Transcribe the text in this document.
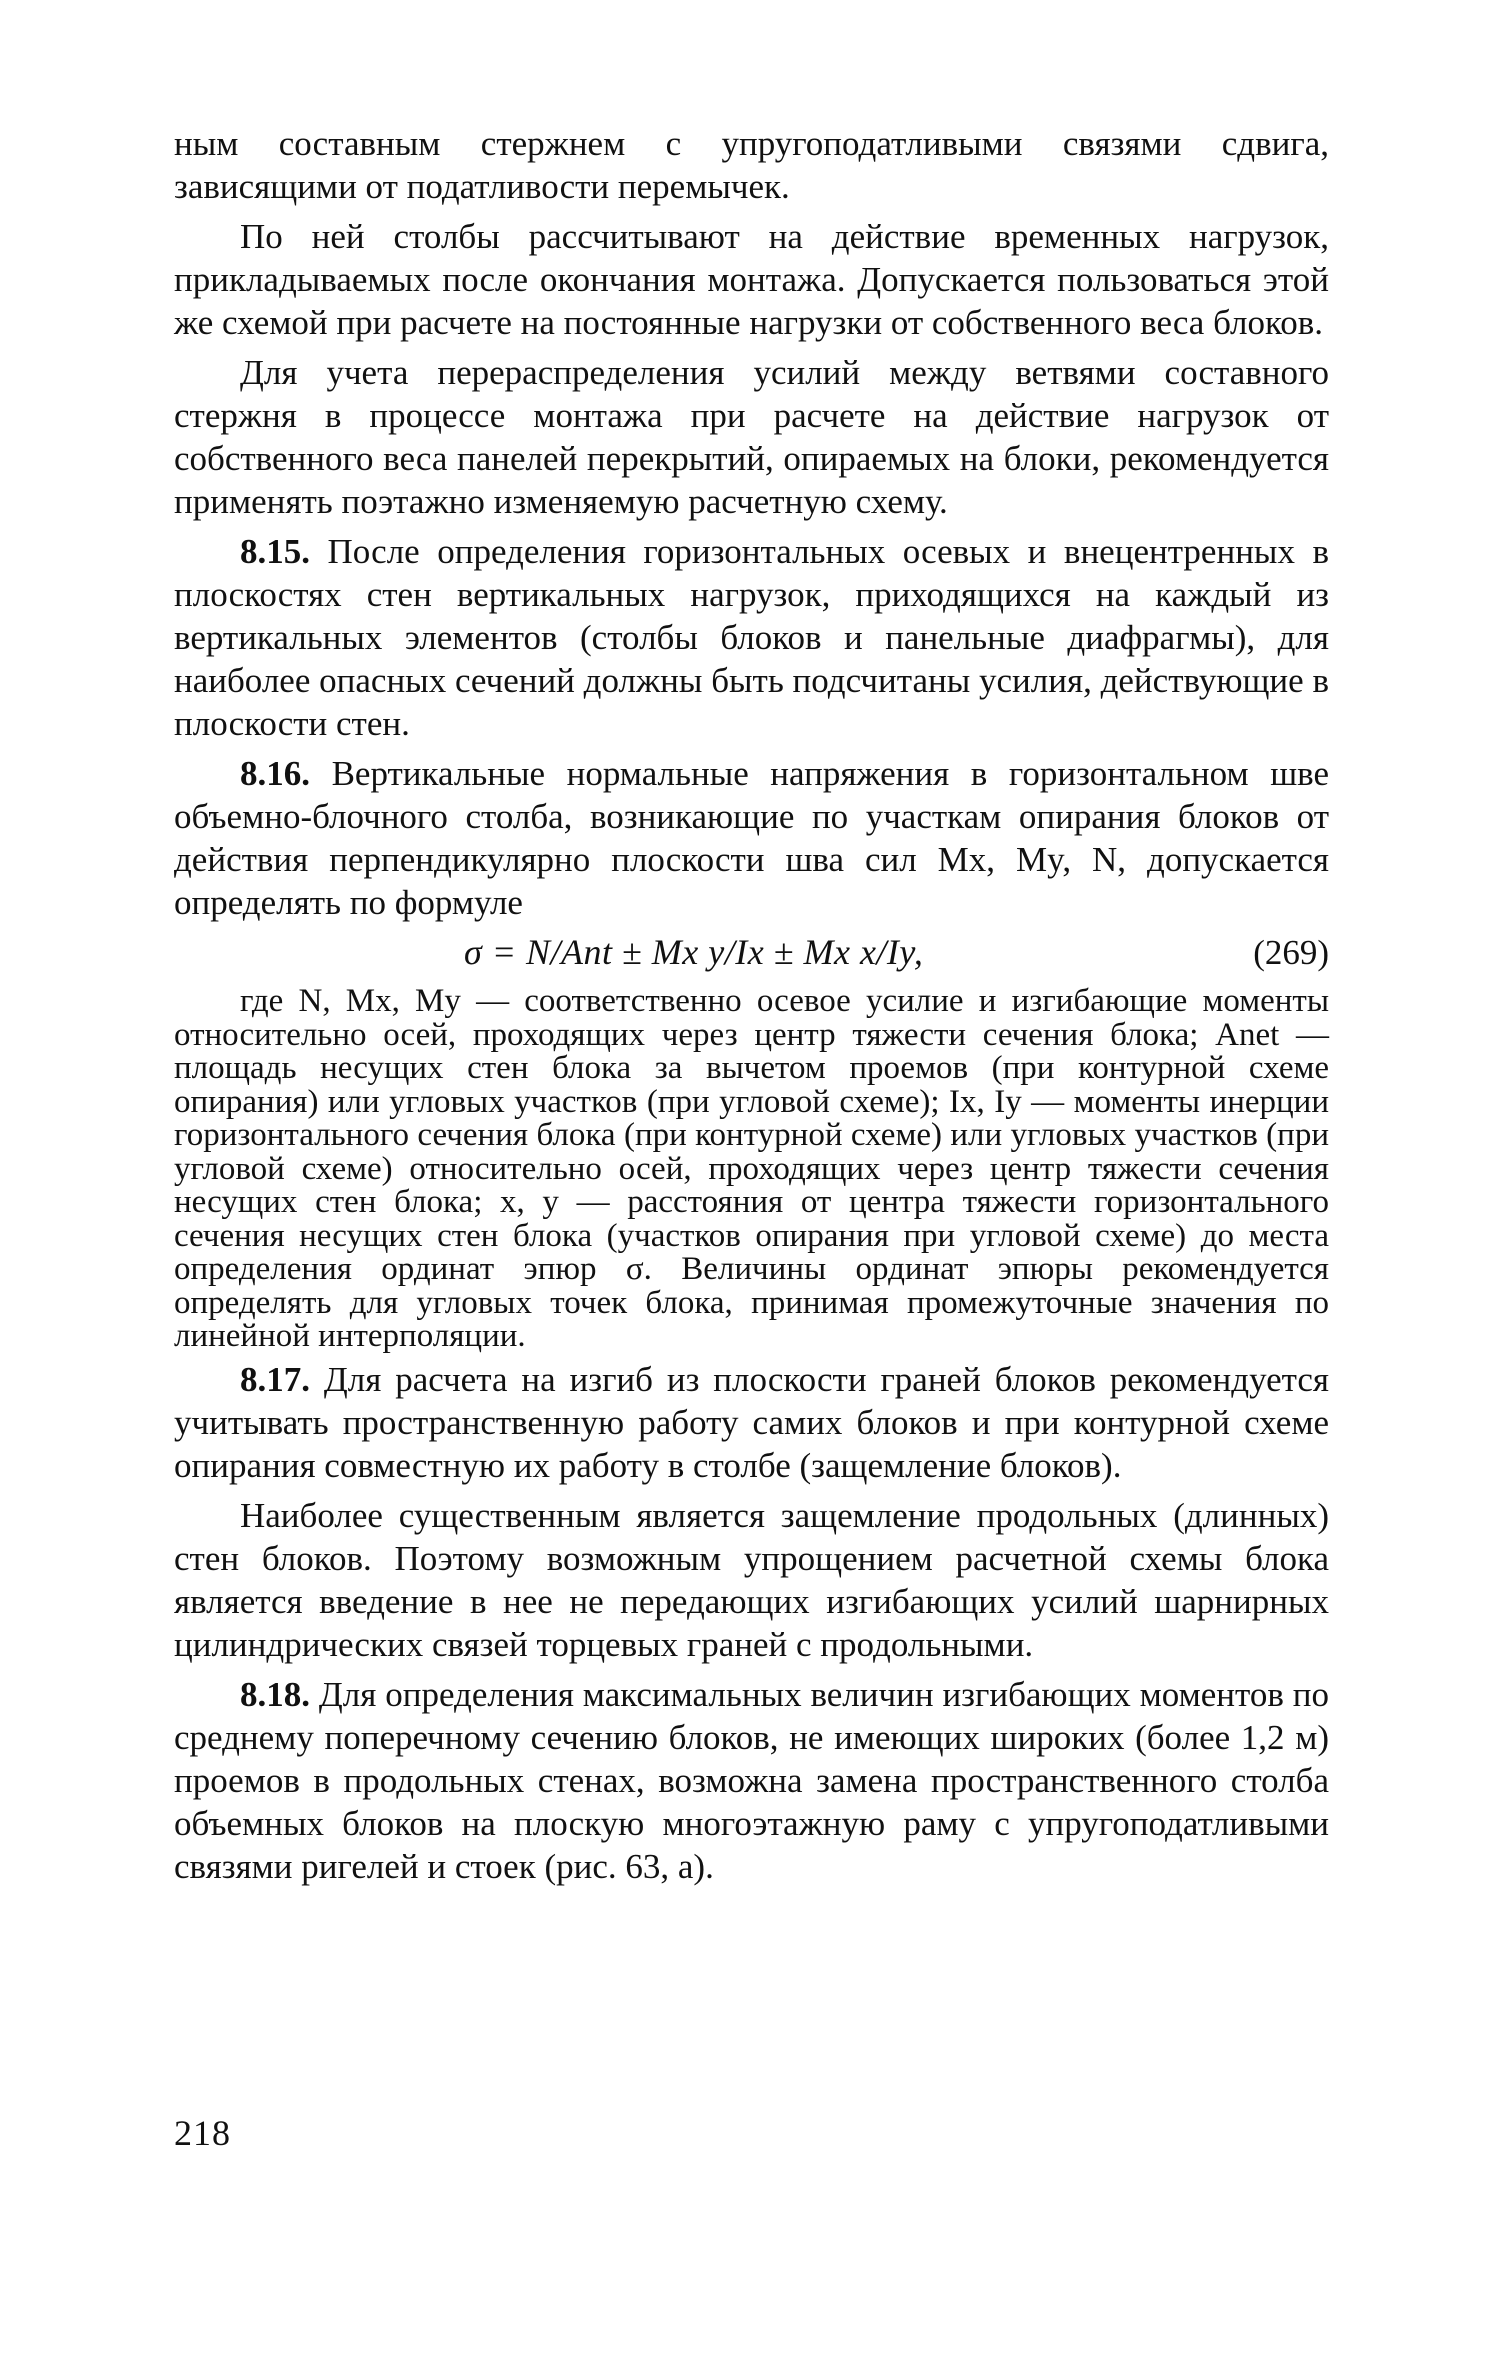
ным составным стержнем с упругоподатливыми связями сдвига, зависящими от податливости перемычек.

По ней столбы рассчитывают на действие временных нагрузок, прикладываемых после окончания монтажа. Допускается пользоваться этой же схемой при расчете на постоянные нагрузки от собственного веса блоков.

Для учета перераспределения усилий между ветвями составного стержня в процессе монтажа при расчете на действие нагрузок от собственного веса панелей перекрытий, опираемых на блоки, рекомендуется применять поэтажно изменяемую расчетную схему.

8.15. После определения горизонтальных осевых и внецентренных в плоскостях стен вертикальных нагрузок, приходящихся на каждый из вертикальных элементов (столбы блоков и панельные диафрагмы), для наиболее опасных сечений должны быть подсчитаны усилия, действующие в плоскости стен.

8.16. Вертикальные нормальные напряжения в горизонтальном шве объемно-блочного столба, возникающие по участкам опирания блоков от действия перпендикулярно плоскости шва сил Mx, My, N, допускается определять по формуле

σ = N/Ant ± Mx y/Ix ± Mx x/Iy,	(269)

где N, Mx, My — соответственно осевое усилие и изгибающие моменты относительно осей, проходящих через центр тяжести сечения блока; Anet — площадь несущих стен блока за вычетом проемов (при контурной схеме опирания) или угловых участков (при угловой схеме); Ix, Iy — моменты инерции горизонтального сечения блока (при контурной схеме) или угловых участков (при угловой схеме) относительно осей, проходящих через центр тяжести сечения несущих стен блока; x, y — расстояния от центра тяжести горизонтального сечения несущих стен блока (участков опирания при угловой схеме) до места определения ординат эпюр σ. Величины ординат эпюры рекомендуется определять для угловых точек блока, принимая промежуточные значения по линейной интерполяции.

8.17. Для расчета на изгиб из плоскости граней блоков рекомендуется учитывать пространственную работу самих блоков и при контурной схеме опирания совместную их работу в столбе (защемление блоков).

Наиболее существенным является защемление продольных (длинных) стен блоков. Поэтому возможным упрощением расчетной схемы блока является введение в нее не передающих изгибающих усилий шарнирных цилиндрических связей торцевых граней с продольными.

8.18. Для определения максимальных величин изгибающих моментов по среднему поперечному сечению блоков, не имеющих широких (более 1,2 м) проемов в продольных стенах, возможна замена пространственного столба объемных блоков на плоскую многоэтажную раму с упругоподатливыми связями ригелей и стоек (рис. 63, а).

218
